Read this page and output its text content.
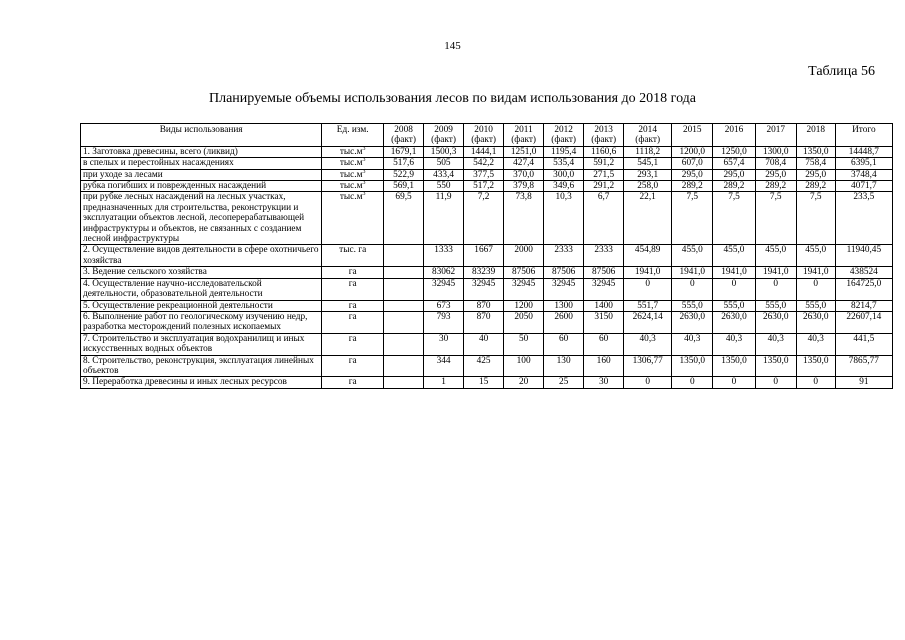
145
Таблица 56
Планируемые объемы использования лесов по видам использования до 2018 года
Виды использования	Ед. изм.	2008 (факт)	2009 (факт)	2010 (факт)	2011 (факт)	2012 (факт)	2013 (факт)	2014 (факт)	2015	2016	2017	2018	Итого
1. Заготовка древесины, всего (ликвид)	$тыс.м^3$	1679,1	1500,3	1444,1	1251,0	1195,4	1160,6	1118,2	1200,0	1250,0	1300,0	1350,0	14448,7
в спелых и перестойных насаждениях	$тыс.м^3$	517,6	505	542,2	427,4	535,4	591,2	545,1	607,0	657,4	708,4	758,4	6395,1
при уходе за лесами	$тыс.м^3$	522,9	433,4	377,5	370,0	300,0	271,5	293,1	295,0	295,0	295,0	295,0	3748,4
рубка погибших и поврежденных насаждений	$тыс.м^3$	569,1	550	517,2	379,8	349,6	291,2	258,0	289,2	289,2	289,2	289,2	4071,7
при рубке лесных насаждений на лесных участках, предназначенных для строительства, реконструкции и эксплуатации объектов лесной, лесоперерабатывающей инфраструктуры и объектов, не связанных с созданием лесной инфраструктуры	$тыс.м^3$	69,5	11,9	7,2	73,8	10,3	6,7	22,1	7,5	7,5	7,5	7,5	233,5
2. Осуществление видов деятельности в сфере охотничьего хозяйства	тыс. га		1333	1667	2000	2333	2333	454,89	455,0	455,0	455,0	455,0	11940,45
3. Ведение сельского хозяйства	га		83062	83239	87506	87506	87506	1941,0	1941,0	1941,0	1941,0	1941,0	438524
4. Осуществление научно-исследовательской деятельности, образовательной деятельности	га		32945	32945	32945	32945	32945	0	0	0	0	0	164725,0
5. Осуществление рекреационной деятельности	га		673	870	1200	1300	1400	551,7	555,0	555,0	555,0	555,0	8214,7
6. Выполнение работ по геологическому изучению недр, разработка месторождений полезных ископаемых	га		793	870	2050	2600	3150	2624,14	2630,0	2630,0	2630,0	2630,0	22607,14
7. Строительство и эксплуатация водохранилищ и иных искусственных водных объектов	га		30	40	50	60	60	40,3	40,3	40,3	40,3	40,3	441,5
8. Строительство, реконструкция, эксплуатация линейных объектов	га		344	425	100	130	160	1306,77	1350,0	1350,0	1350,0	1350,0	7865,77
9. Переработка древесины и иных лесных ресурсов	га		1	15	20	25	30	0	0	0	0	0	91
